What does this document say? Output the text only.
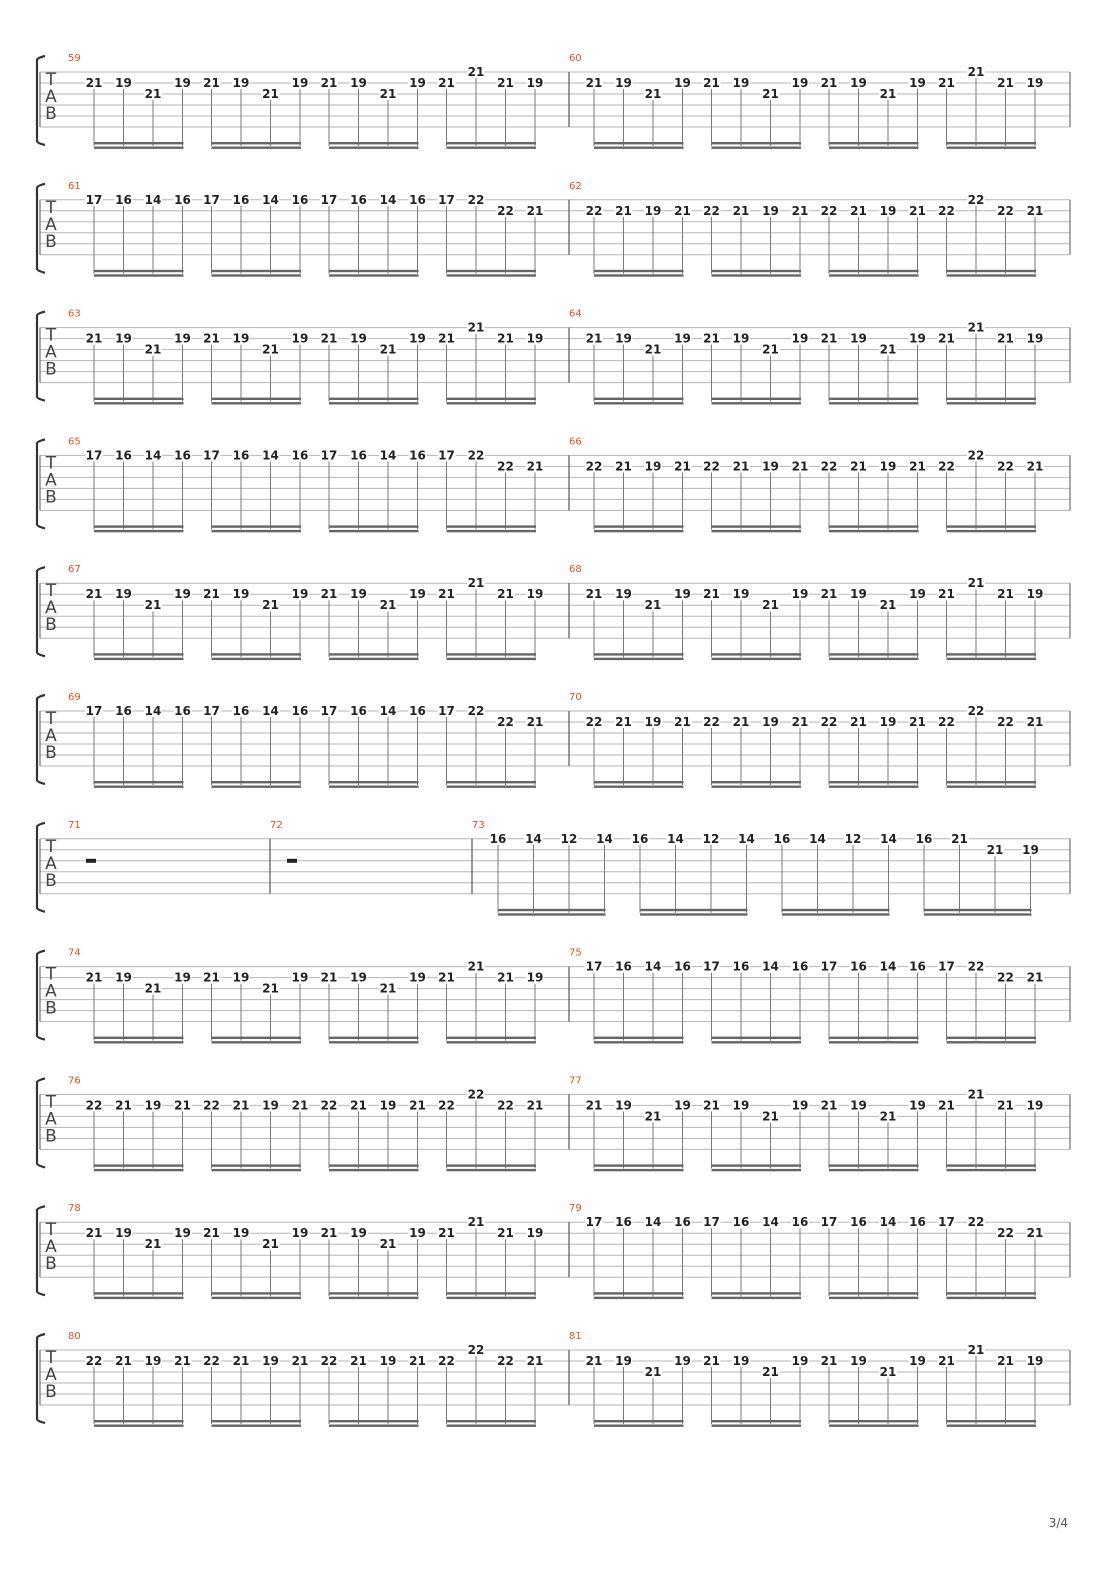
T
A
B
59
21 19
21
19 21 19
21
19 21 19
21
19 21
21
21 19
60
21 19
21
19 21 19
21
19 21 19
21
19 21
21
21 19
T
A
B
61
17 16 14 16 17 16 14 16 17 16 14 16 17 22
22 21
62
22 21 19 21 22 21 19 21 22 21 19 21 22
22
22 21
T
A
B
63
21 19
21
19 21 19
21
19 21 19
21
19 21
21
21 19
64
21 19
21
19 21 19
21
19 21 19
21
19 21
21
21 19
T
A
B
65
17 16 14 16 17 16 14 16 17 16 14 16 17 22
22 21
66
22 21 19 21 22 21 19 21 22 21 19 21 22
22
22 21
T
A
B
67
21 19
21
19 21 19
21
19 21 19
21
19 21
21
21 19
68
21 19
21
19 21 19
21
19 21 19
21
19 21
21
21 19
T
A
B
69
17 16 14 16 17 16 14 16 17 16 14 16 17 22
22 21
70
22 21 19 21 22 21 19 21 22 21 19 21 22
22
22 21
T
A
B
71	72	73
16 14 12 14 16 14 12 14 16 14 12 14 16 21
21 19
T
A
B
74
21 19
21
19 21 19
21
19 21 19
21
19 21
21
21 19
75
17 16 14 16 17 16 14 16 17 16 14 16 17 22
22 21
T
A
B
76
22 21 19 21 22 21 19 21 22 21 19 21 22
22
22 21
77
21 19
21
19 21 19
21
19 21 19
21
19 21
21
21 19
T
A
B
78
21 19
21
19 21 19
21
19 21 19
21
19 21
21
21 19
79
17 16 14 16 17 16 14 16 17 16 14 16 17 22
22 21
T
A
B
80
22 21 19 21 22 21 19 21 22 21 19 21 22
22
22 21
81
21 19
21
19 21 19
21
19 21 19
21
19 21
21
21 19
3/4
